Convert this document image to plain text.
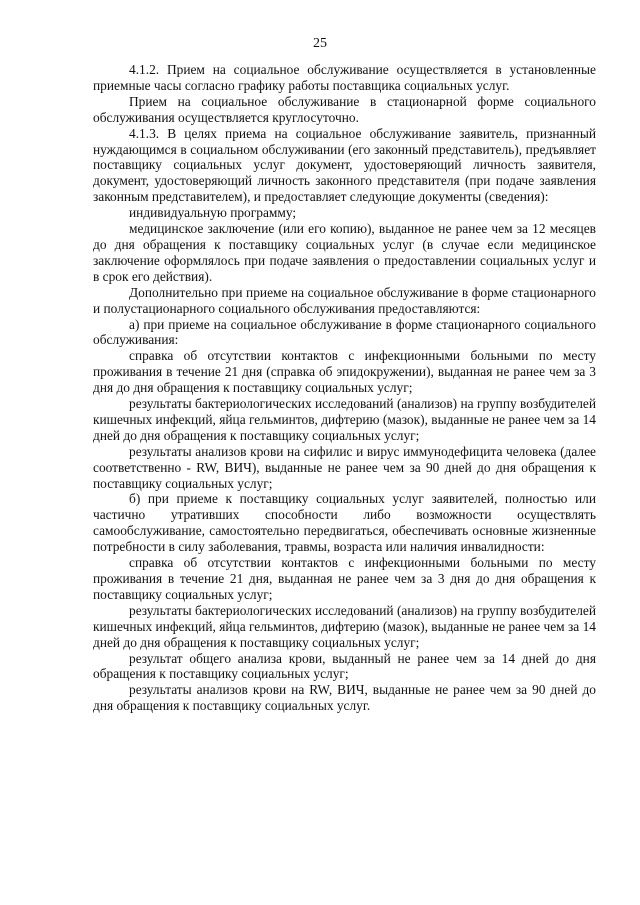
25

4.1.2. Прием на социальное обслуживание осуществляется в установленные приемные часы согласно графику работы поставщика социальных услуг.

Прием на социальное обслуживание в стационарной форме социального обслуживания осуществляется круглосуточно.

4.1.3. В целях приема на социальное обслуживание заявитель, признанный нуждающимся в социальном обслуживании (его законный представитель), предъявляет поставщику социальных услуг документ, удостоверяющий личность заявителя, документ, удостоверяющий личность законного представителя (при подаче заявления законным представителем), и предоставляет следующие документы (сведения):

индивидуальную программу;

медицинское заключение (или его копию), выданное не ранее чем за 12 месяцев до дня обращения к поставщику социальных услуг (в случае если медицинское заключение оформлялось при подаче заявления о предоставлении социальных услуг и в срок его действия).

Дополнительно при приеме на социальное обслуживание в форме стационарного и полустационарного социального обслуживания предоставляются:

а) при приеме на социальное обслуживание в форме стационарного социального обслуживания:

справка об отсутствии контактов с инфекционными больными по месту проживания в течение 21 дня (справка об эпидокружении), выданная не ранее чем за 3 дня до дня обращения к поставщику социальных услуг;

результаты бактериологических исследований (анализов) на группу возбудителей кишечных инфекций, яйца гельминтов, дифтерию (мазок), выданные не ранее чем за 14 дней до дня обращения к поставщику социальных услуг;

результаты анализов крови на сифилис и вирус иммунодефицита человека (далее соответственно - RW, ВИЧ), выданные не ранее чем за 90 дней до дня обращения к поставщику социальных услуг;

б) при приеме к поставщику социальных услуг заявителей, полностью или частично утративших способности либо возможности осуществлять самообслуживание, самостоятельно передвигаться, обеспечивать основные жизненные потребности в силу заболевания, травмы, возраста или наличия инвалидности:

справка об отсутствии контактов с инфекционными больными по месту проживания в течение 21 дня, выданная не ранее чем за 3 дня до дня обращения к поставщику социальных услуг;

результаты бактериологических исследований (анализов) на группу возбудителей кишечных инфекций, яйца гельминтов, дифтерию (мазок), выданные не ранее чем за 14 дней до дня обращения к поставщику социальных услуг;

результат общего анализа крови, выданный не ранее чем за 14 дней до дня обращения к поставщику социальных услуг;

результаты анализов крови на RW, ВИЧ, выданные не ранее чем за 90 дней до дня обращения к поставщику социальных услуг.
